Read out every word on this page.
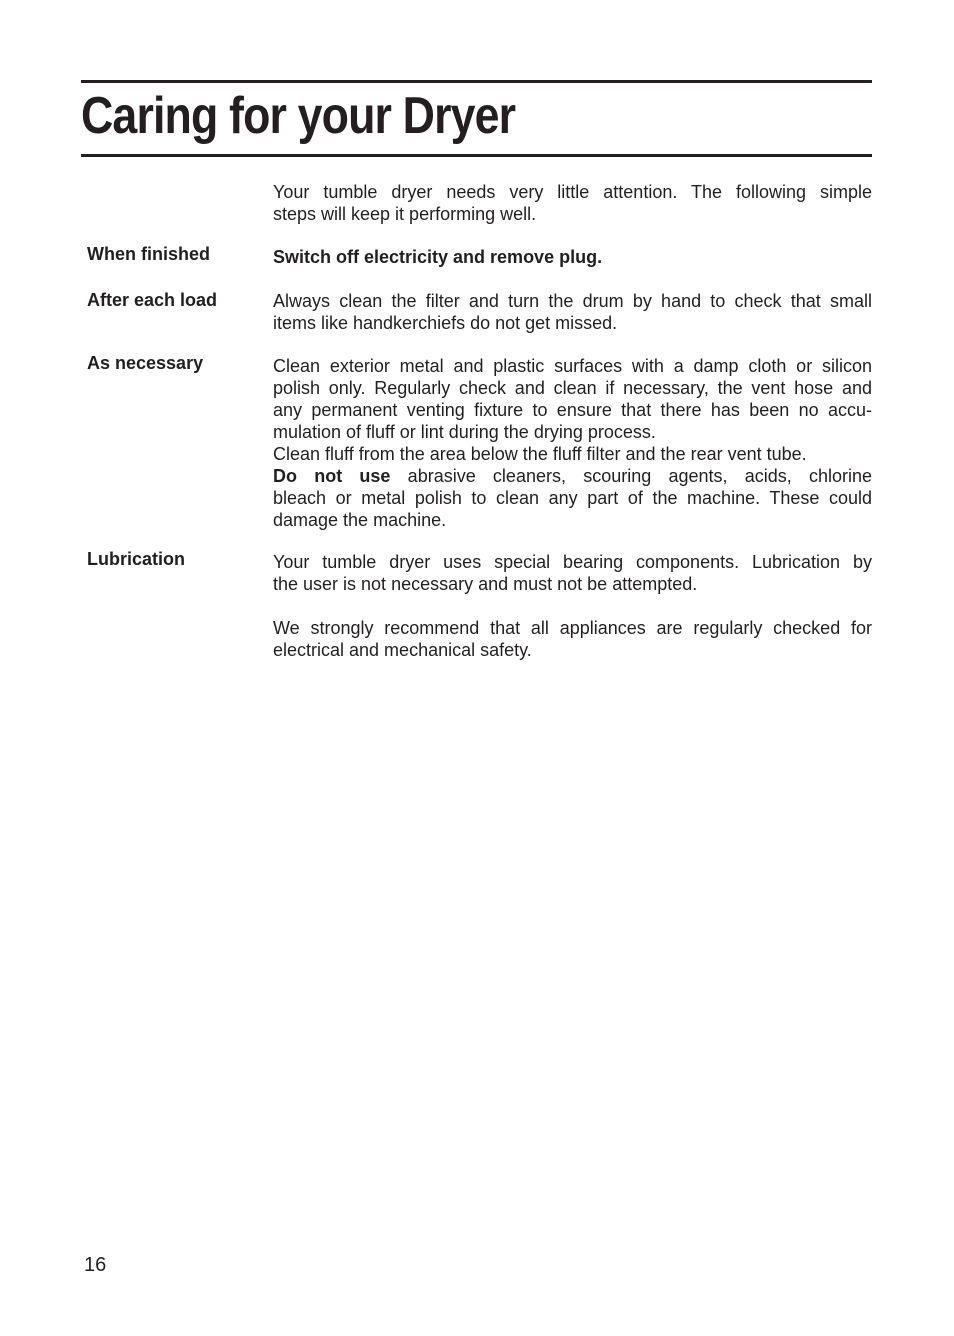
Caring for your Dryer
Your tumble dryer needs very little attention. The following simple
steps will keep it performing well.
When finished	Switch off electricity and remove plug.
After each load	Always clean the filter and turn the drum by hand to check that small
items like handkerchiefs do not get missed.
As necessary	Clean exterior metal and plastic surfaces with a damp cloth or silicon
polish only. Regularly check and clean if necessary, the vent hose and
any permanent venting fixture to ensure that there has been no accu-
mulation of fluff or lint during the drying process.
Clean fluff from the area below the fluff filter and the rear vent tube.
Do not use abrasive cleaners, scouring agents, acids, chlorine
bleach or metal polish to clean any part of the machine. These could
damage the machine.
Lubrication	Your tumble dryer uses special bearing components. Lubrication by
the user is not necessary and must not be attempted.
We strongly recommend that all appliances are regularly checked for
electrical and mechanical safety.
16
